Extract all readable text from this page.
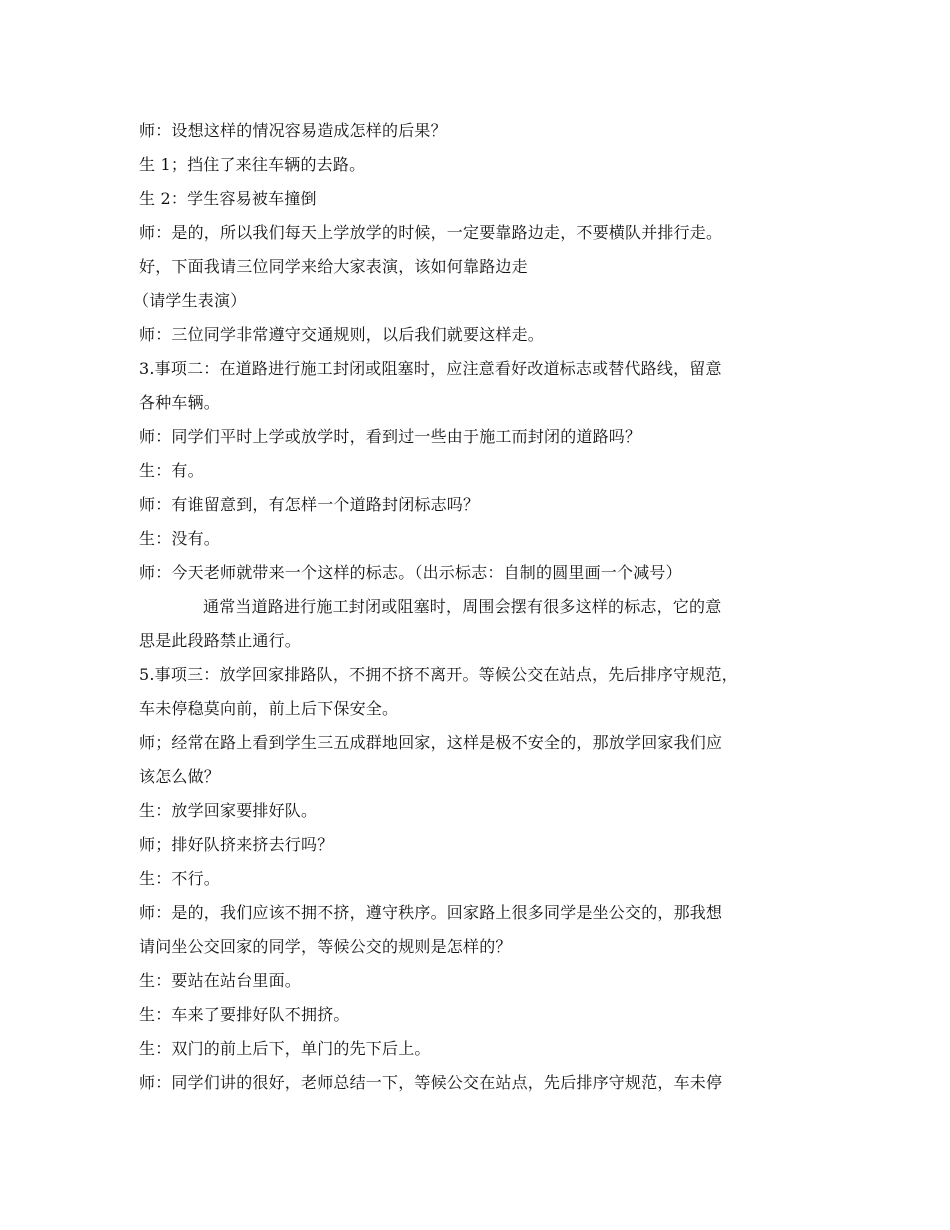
师：设想这样的情况容易造成怎样的后果？
生 1；挡住了来往车辆的去路。
生 2：学生容易被车撞倒
师：是的，所以我们每天上学放学的时候，一定要靠路边走，不要横队并排行走。
好，下面我请三位同学来给大家表演，该如何靠路边走
（请学生表演）
师：三位同学非常遵守交通规则，以后我们就要这样走。
3.事项二：在道路进行施工封闭或阻塞时，应注意看好改道标志或替代路线，留意
各种车辆。
师：同学们平时上学或放学时，看到过一些由于施工而封闭的道路吗？
生：有。
师：有谁留意到，有怎样一个道路封闭标志吗？
生：没有。
师：今天老师就带来一个这样的标志。（出示标志：自制的圆里画一个减号）
通常当道路进行施工封闭或阻塞时，周围会摆有很多这样的标志，它的意
思是此段路禁止通行。
5.事项三：放学回家排路队，不拥不挤不离开。等候公交在站点，先后排序守规范，
车未停稳莫向前，前上后下保安全。
师；经常在路上看到学生三五成群地回家，这样是极不安全的，那放学回家我们应
该怎么做？
生：放学回家要排好队。
师；排好队挤来挤去行吗？
生：不行。
师：是的，我们应该不拥不挤，遵守秩序。回家路上很多同学是坐公交的，那我想
请问坐公交回家的同学，等候公交的规则是怎样的？
生：要站在站台里面。
生：车来了要排好队不拥挤。
生：双门的前上后下，单门的先下后上。
师：同学们讲的很好，老师总结一下，等候公交在站点，先后排序守规范，车未停
